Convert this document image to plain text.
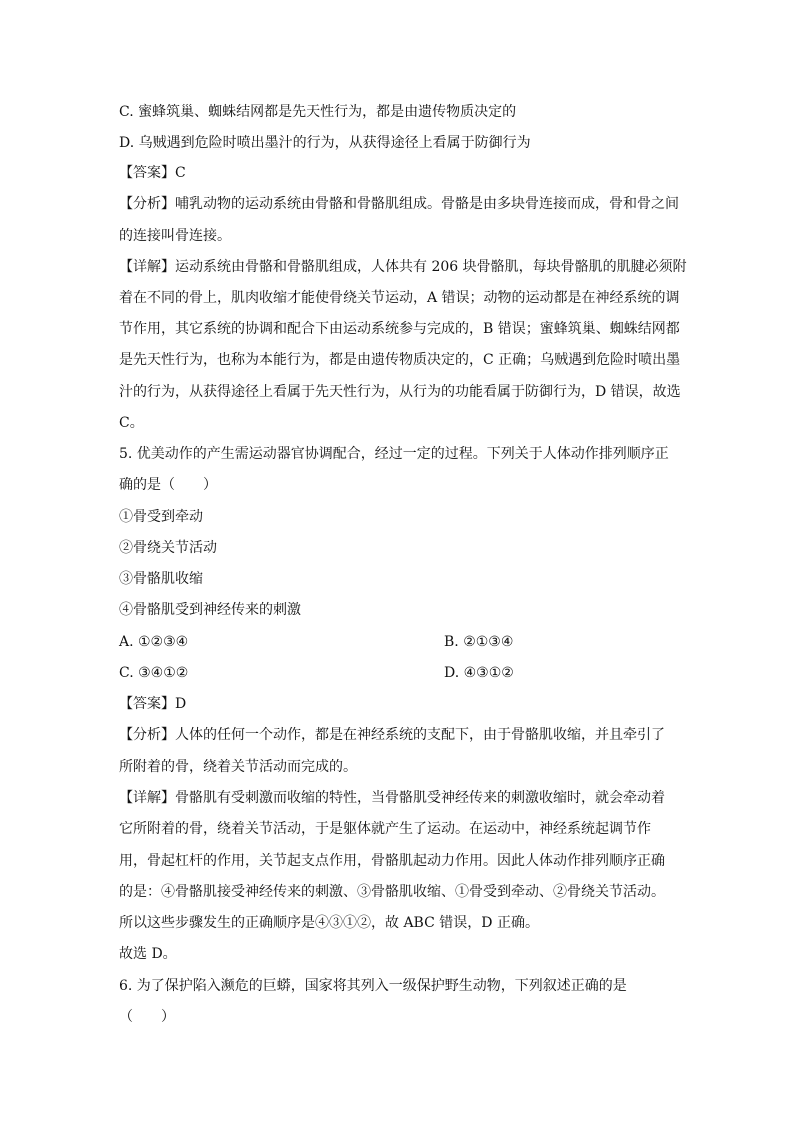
C. 蜜蜂筑巢、蜘蛛结网都是先天性行为，都是由遗传物质决定的
D. 乌贼遇到危险时喷出墨汁的行为，从获得途径上看属于防御行为
【答案】C
【分析】哺乳动物的运动系统由骨骼和骨骼肌组成。骨骼是由多块骨连接而成，骨和骨之间
的连接叫骨连接。
【详解】运动系统由骨骼和骨骼肌组成，人体共有 206 块骨骼肌，每块骨骼肌的肌腱必须附
着在不同的骨上，肌肉收缩才能使骨绕关节运动，A 错误；动物的运动都是在神经系统的调
节作用，其它系统的协调和配合下由运动系统参与完成的，B 错误；蜜蜂筑巢、蜘蛛结网都
是先天性行为，也称为本能行为，都是由遗传物质决定的，C 正确；乌贼遇到危险时喷出墨
汁的行为，从获得途径上看属于先天性行为，从行为的功能看属于防御行为，D 错误，故选
C。
5. 优美动作的产生需运动器官协调配合，经过一定的过程。下列关于人体动作排列顺序正
确的是（　　）
①骨受到牵动
②骨绕关节活动
③骨骼肌收缩
④骨骼肌受到神经传来的刺激
A. ①②③④	B. ②①③④
C. ③④①②	D. ④③①②
【答案】D
【分析】人体的任何一个动作，都是在神经系统的支配下，由于骨骼肌收缩，并且牵引了
所附着的骨，绕着关节活动而完成的。
【详解】骨骼肌有受刺激而收缩的特性，当骨骼肌受神经传来的刺激收缩时，就会牵动着
它所附着的骨，绕着关节活动，于是躯体就产生了运动。在运动中，神经系统起调节作
用，骨起杠杆的作用，关节起支点作用，骨骼肌起动力作用。因此人体动作排列顺序正确
的是：④骨骼肌接受神经传来的刺激、③骨骼肌收缩、①骨受到牵动、②骨绕关节活动。
所以这些步骤发生的正确顺序是④③①②，故 ABC 错误，D 正确。
故选 D。
6. 为了保护陷入濒危的巨蟒，国家将其列入一级保护野生动物，下列叙述正确的是
（　　）
